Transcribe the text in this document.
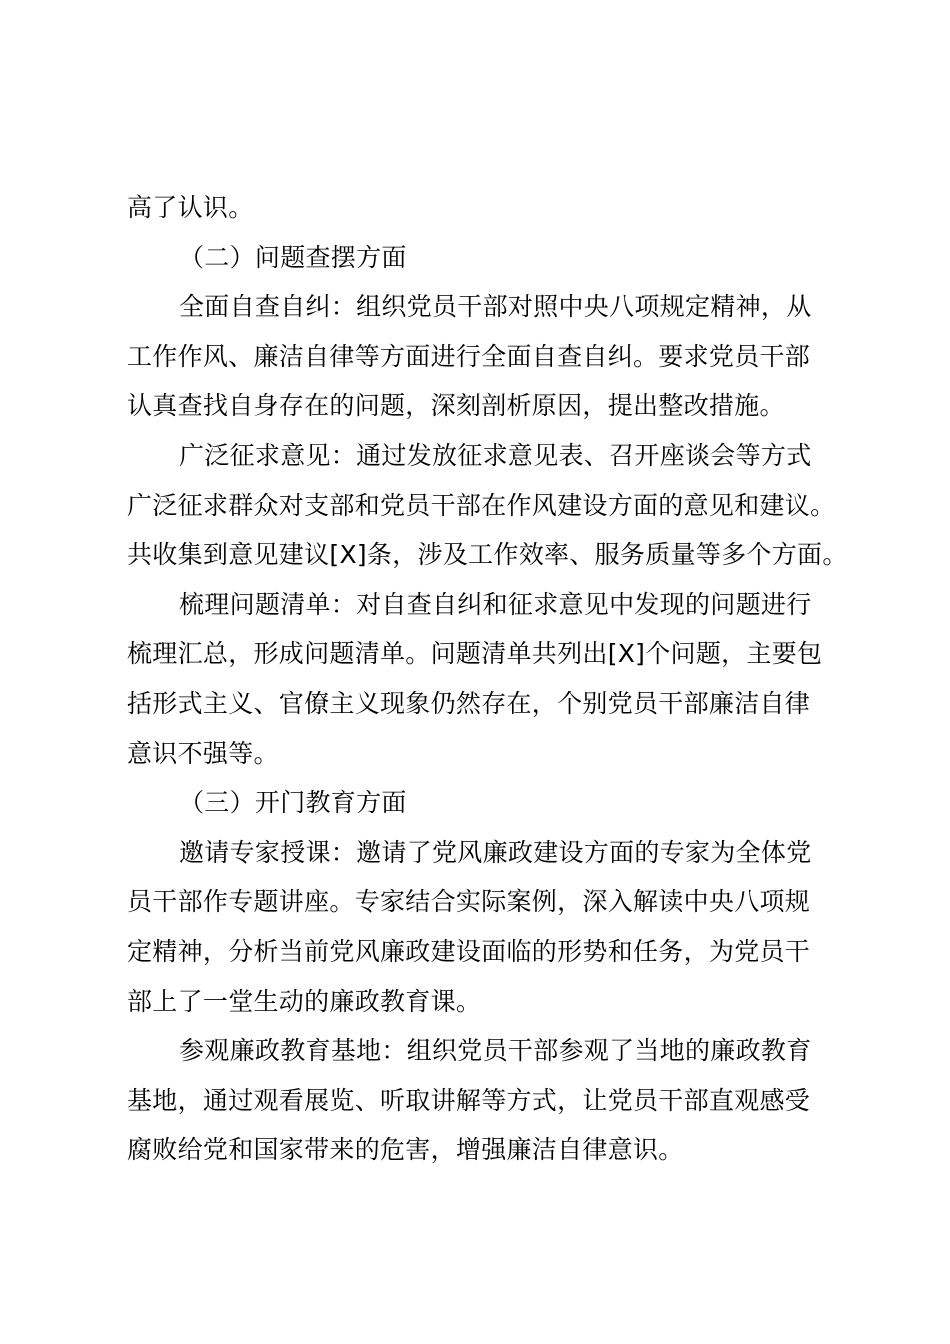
高了认识。
（二）问题查摆方面
全面自查自纠：组织党员干部对照中央八项规定精神，从
工作作风、廉洁自律等方面进行全面自查自纠。要求党员干部
认真查找自身存在的问题，深刻剖析原因，提出整改措施。
广泛征求意见：通过发放征求意见表、召开座谈会等方式
广泛征求群众对支部和党员干部在作风建设方面的意见和建议。
共收集到意见建议[X]条，涉及工作效率、服务质量等多个方面。
梳理问题清单：对自查自纠和征求意见中发现的问题进行
梳理汇总，形成问题清单。问题清单共列出[X]个问题，主要包
括形式主义、官僚主义现象仍然存在，个别党员干部廉洁自律
意识不强等。
（三）开门教育方面
邀请专家授课：邀请了党风廉政建设方面的专家为全体党
员干部作专题讲座。专家结合实际案例，深入解读中央八项规
定精神，分析当前党风廉政建设面临的形势和任务，为党员干
部上了一堂生动的廉政教育课。
参观廉政教育基地：组织党员干部参观了当地的廉政教育
基地，通过观看展览、听取讲解等方式，让党员干部直观感受
腐败给党和国家带来的危害，增强廉洁自律意识。
